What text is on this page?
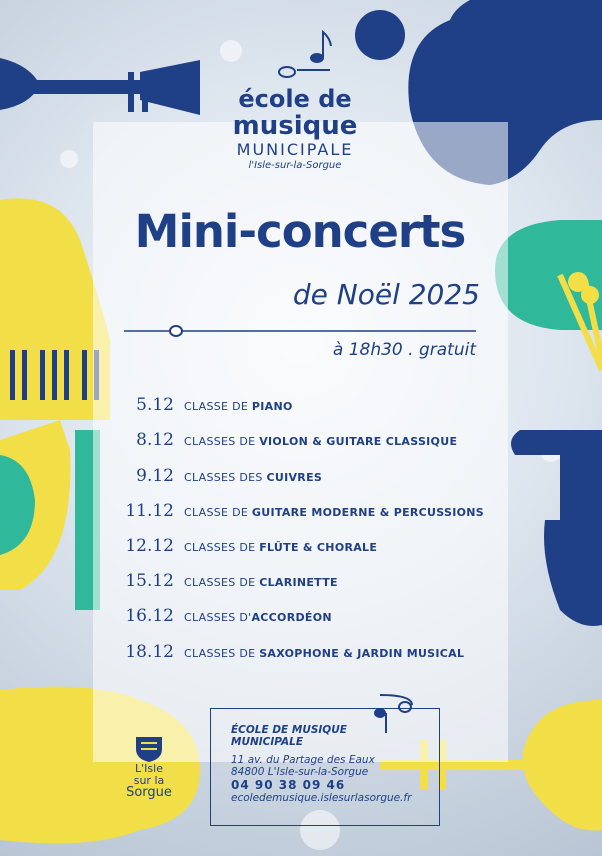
école de
musique
MUNICIPALE
l'Isle-sur-la-Sorgue
Mini-concerts
de Noël 2025
à 18h30 . gratuit
5.12 CLASSE DE PIANO
8.12 CLASSES DE VIOLON & GUITARE CLASSIQUE
9.12 CLASSES DES CUIVRES
11.12 CLASSE DE GUITARE MODERNE & PERCUSSIONS
12.12 CLASSES DE FLÛTE & CHORALE
15.12 CLASSES DE CLARINETTE
16.12 CLASSES D'ACCORDÉON
18.12 CLASSES DE SAXOPHONE & JARDIN MUSICAL
L'Isle
sur la
Sorgue
ÉCOLE DE MUSIQUE
MUNICIPALE
11 av. du Partage des Eaux
84800 L'Isle-sur-la-Sorgue
04 90 38 09 46
ecoledemusique.islesurlasorgue.fr
